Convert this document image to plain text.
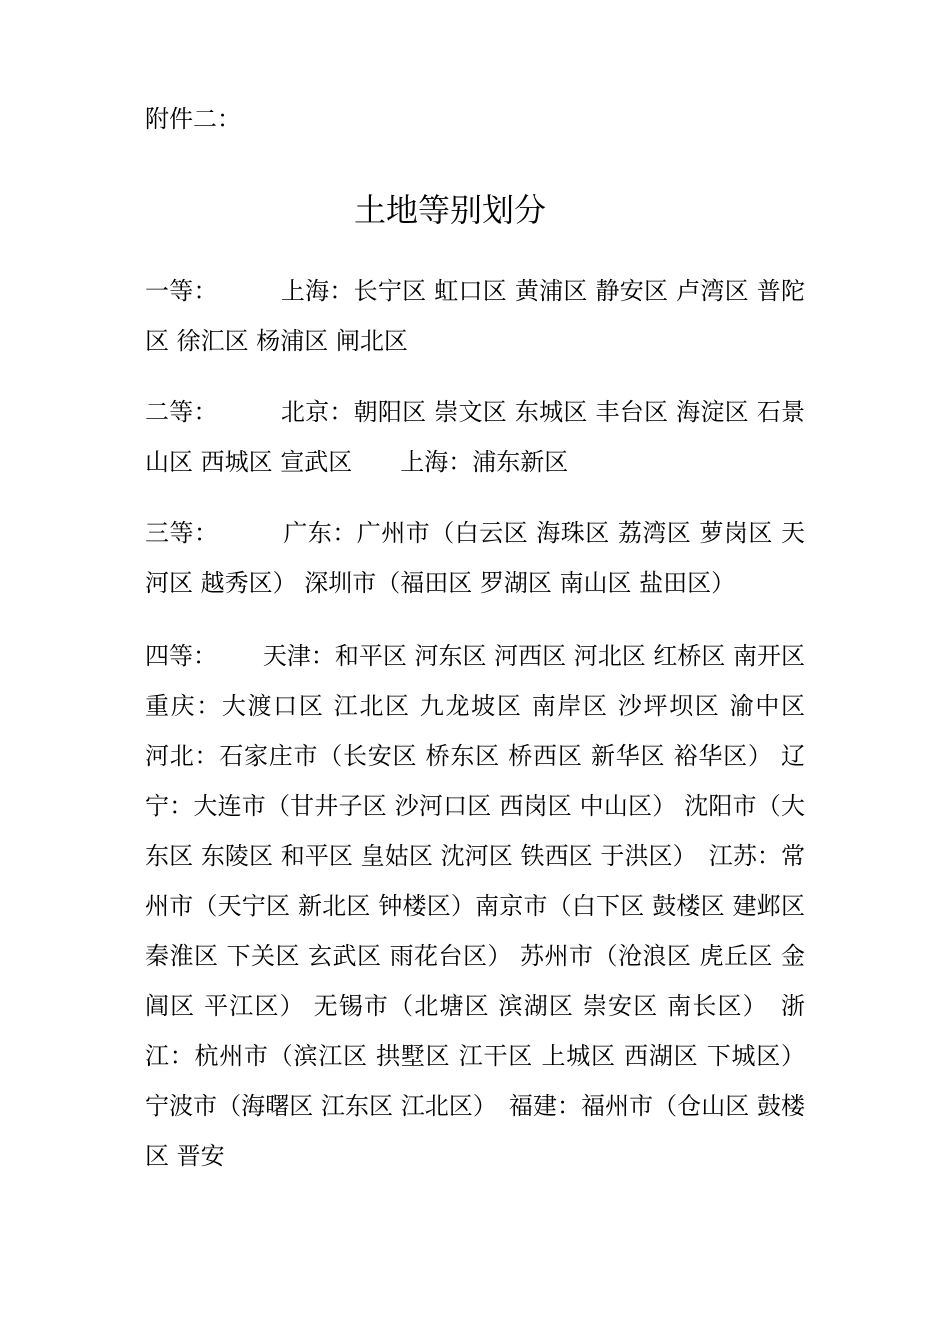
附件二：
土地等别划分
一等：	上海：长宁区 虹口区 黄浦区 静安区 卢湾区 普陀区 徐汇区 杨浦区 闸北区
二等：	北京：朝阳区 崇文区 东城区 丰台区 海淀区 石景山区 西城区 宣武区　　上海：浦东新区
三等：	广东：广州市（白云区 海珠区 荔湾区 萝岗区 天河区 越秀区） 深圳市（福田区 罗湖区 南山区 盐田区）
四等： 天津：和平区 河东区 河西区 河北区 红桥区 南开区　　重庆：大渡口区 江北区 九龙坡区 南岸区 沙坪坝区 渝中区　河北：石家庄市（长安区 桥东区 桥西区 新华区 裕华区） 辽宁：大连市（甘井子区 沙河口区 西岗区 中山区） 沈阳市（大东区 东陵区 和平区 皇姑区 沈河区 铁西区 于洪区）　江苏：常州市（天宁区 新北区 钟楼区）南京市（白下区 鼓楼区 建邺区 秦淮区 下关区 玄武区 雨花台区） 苏州市（沧浪区 虎丘区 金阊区 平江区） 无锡市（北塘区 滨湖区 崇安区 南长区）　浙江：杭州市（滨江区 拱墅区 江干区 上城区 西湖区 下城区） 宁波市（海曙区 江东区 江北区）　福建：福州市（仓山区 鼓楼区 晋安
